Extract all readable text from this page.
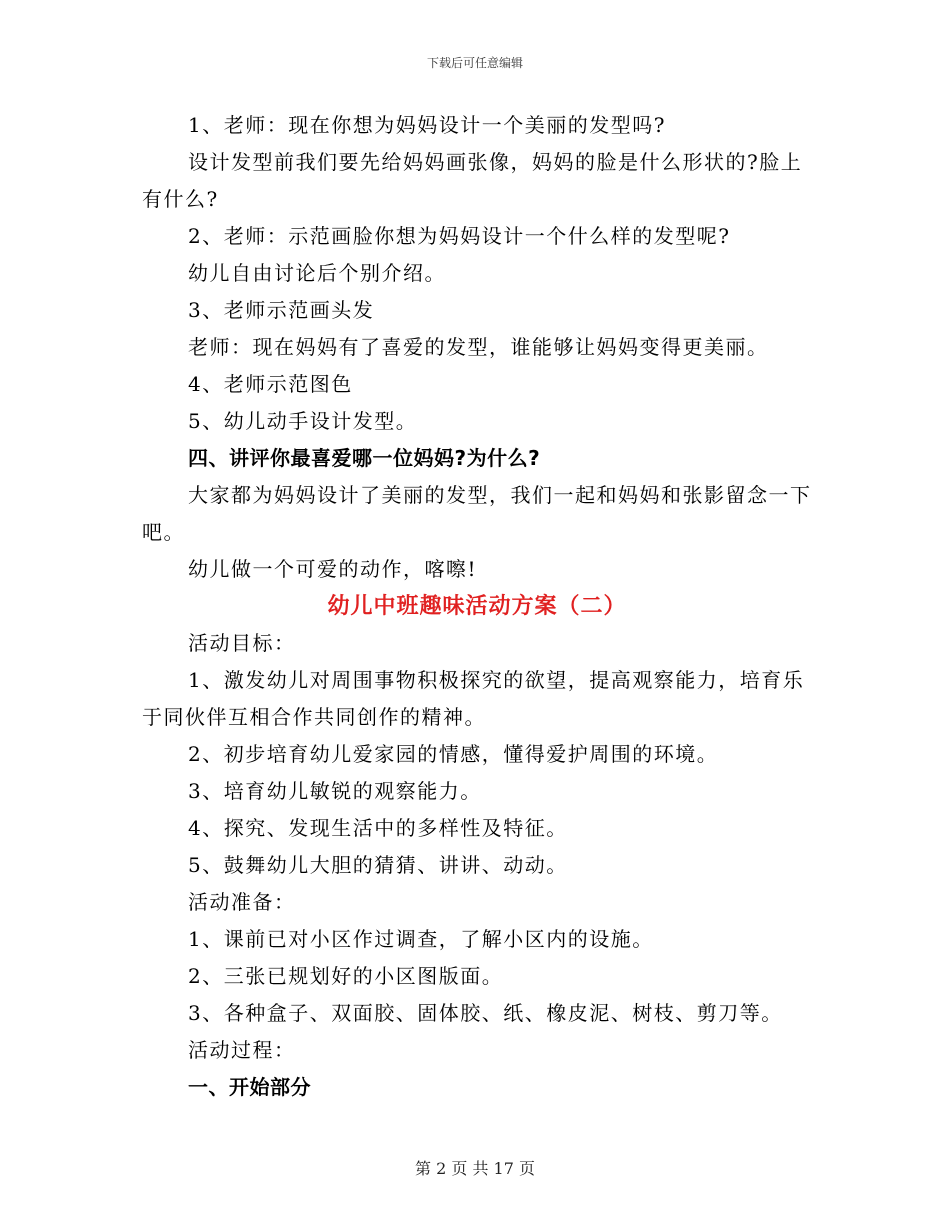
下载后可任意编辑

1、老师：现在你想为妈妈设计一个美丽的发型吗?

设计发型前我们要先给妈妈画张像，妈妈的脸是什么形状的?脸上有什么?

2、老师：示范画脸你想为妈妈设计一个什么样的发型呢?

幼儿自由讨论后个别介绍。

3、老师示范画头发

老师：现在妈妈有了喜爱的发型，谁能够让妈妈变得更美丽。

4、老师示范图色

5、幼儿动手设计发型。

四、讲评你最喜爱哪一位妈妈?为什么?

大家都为妈妈设计了美丽的发型，我们一起和妈妈和张影留念一下吧。

幼儿做一个可爱的动作，喀嚓!

幼儿中班趣味活动方案（二）

活动目标：

1、激发幼儿对周围事物积极探究的欲望，提高观察能力，培育乐于同伙伴互相合作共同创作的精神。

2、初步培育幼儿爱家园的情感，懂得爱护周围的环境。

3、培育幼儿敏锐的观察能力。

4、探究、发现生活中的多样性及特征。

5、鼓舞幼儿大胆的猜猜、讲讲、动动。

活动准备：

1、课前已对小区作过调查，了解小区内的设施。

2、三张已规划好的小区图版面。

3、各种盒子、双面胶、固体胶、纸、橡皮泥、树枝、剪刀等。

活动过程：

一、开始部分

第 2 页 共 17 页
